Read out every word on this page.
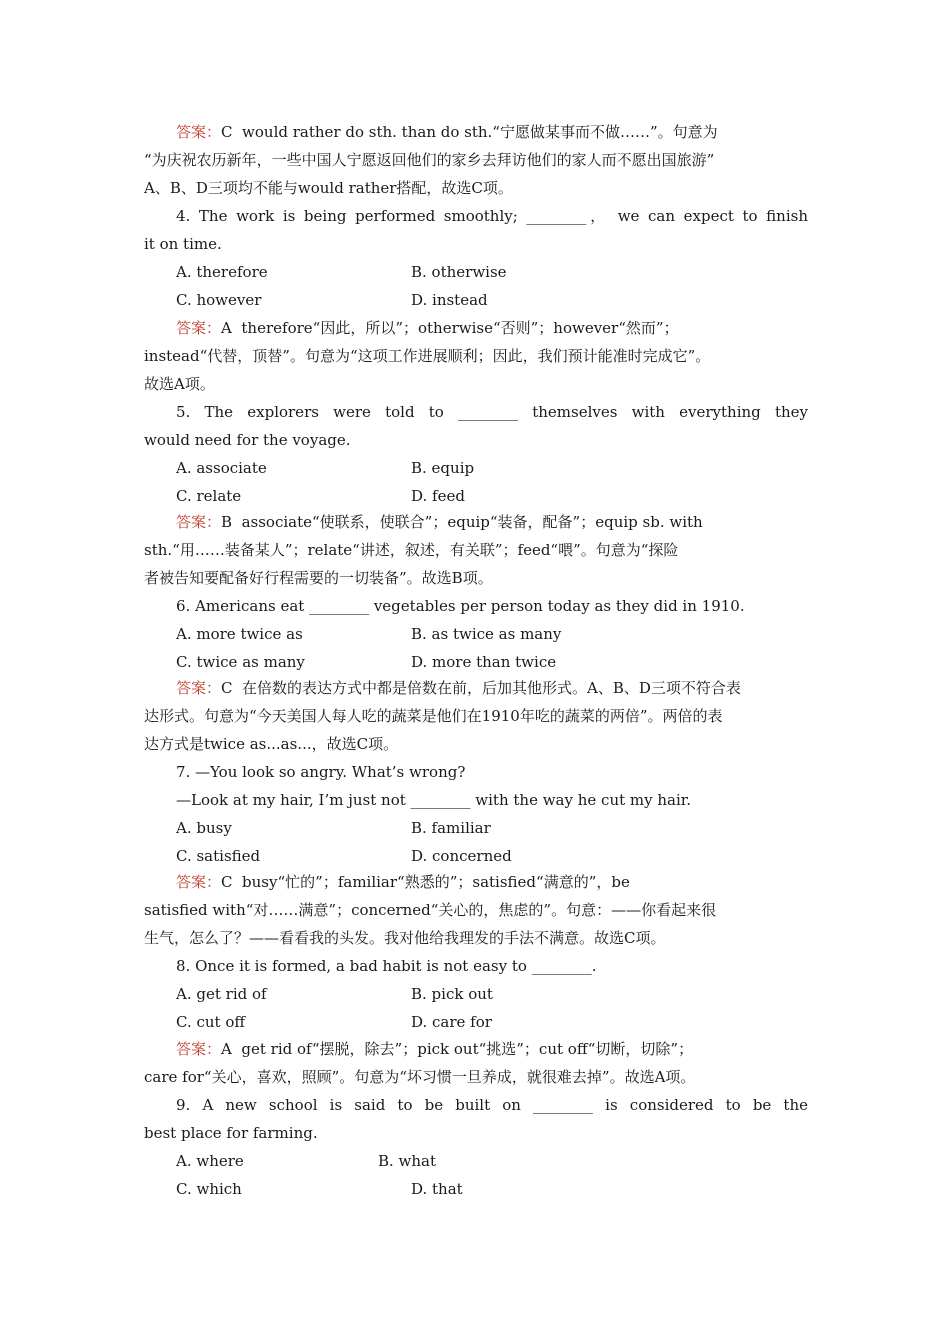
答案：C would rather do sth. than do sth.“宁愿做某事而不做……”。句意为
“为庆祝农历新年，一些中国人宁愿返回他们的家乡去拜访他们的家人而不愿出国旅游”
A、B、D三项均不能与would rather搭配，故选C项。
4. The work is being performed smoothly; ________， we can expect to finish
it on time.
A. therefore	B. otherwise
C. however	D. instead
答案：A therefore“因此，所以”；otherwise“否则”；however“然而”；
instead“代替，顶替”。句意为“这项工作进展顺利；因此，我们预计能准时完成它”。
故选A项。
5. The explorers were told to ________ themselves with everything they
would need for the voyage.
A. associate	B. equip
C. relate	D. feed
答案：B associate“使联系，使联合”；equip“装备，配备”；equip sb. with
sth.“用……装备某人”；relate“讲述，叙述，有关联”；feed“喂”。句意为“探险
者被告知要配备好行程需要的一切装备”。故选B项。
6. Americans eat ________ vegetables per person today as they did in 1910.
A. more twice as	B. as twice as many
C. twice as many	D. more than twice
答案：C 在倍数的表达方式中都是倍数在前，后加其他形式。A、B、D三项不符合表
达形式。句意为“今天美国人每人吃的蔬菜是他们在1910年吃的蔬菜的两倍”。两倍的表
达方式是twice as...as...，故选C项。
7. —You look so angry. What’s wrong?
—Look at my hair, I’m just not ________ with the way he cut my hair.
A. busy	B. familiar
C. satisfied	D. concerned
答案：C busy“忙的”；familiar“熟悉的”；satisfied“满意的”，be
satisfied with“对……满意”；concerned“关心的，焦虑的”。句意：——你看起来很
生气，怎么了？——看看我的头发。我对他给我理发的手法不满意。故选C项。
8. Once it is formed, a bad habit is not easy to ________.
A. get rid of	B. pick out
C. cut off	D. care for
答案：A get rid of“摆脱，除去”；pick out“挑选”；cut off“切断，切除”；
care for“关心，喜欢，照顾”。句意为“坏习惯一旦养成，就很难去掉”。故选A项。
9. A new school is said to be built on ________ is considered to be the
best place for farming.
A. where	B. what
C. which	D. that
